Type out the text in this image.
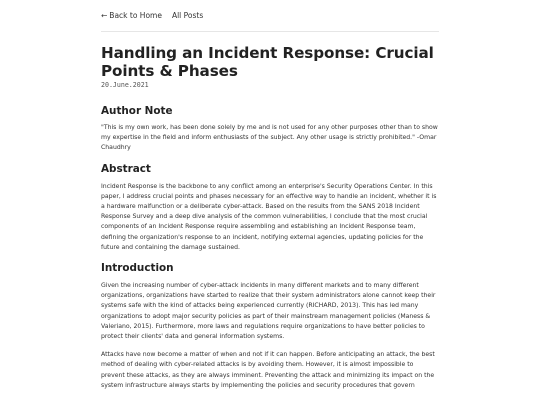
← Back to Home All Posts
Handling an Incident Response: Crucial Points & Phases
20.June.2021
Author Note

"This is my own work, has been done solely by me and is not used for any other purposes other than to show my expertise in the field and inform enthusiasts of the subject. Any other usage is strictly prohibited." -Omar Chaudhry

Abstract

Incident Response is the backbone to any conflict among an enterprise's Security Operations Center. In this paper, I address crucial points and phases necessary for an effective way to handle an incident, whether it is a hardware malfunction or a deliberate cyber-attack. Based on the results from the SANS 2018 Incident Response Survey and a deep dive analysis of the common vulnerabilities, I conclude that the most crucial components of an Incident Response require assembling and establishing an Incident Response team, defining the organization's response to an incident, notifying external agencies, updating policies for the future and containing the damage sustained.

Introduction

Given the increasing number of cyber-attack incidents in many different markets and to many different organizations, organizations have started to realize that their system administrators alone cannot keep their systems safe with the kind of attacks being experienced currently (RICHARD, 2013). This has led many organizations to adopt major security policies as part of their mainstream management policies (Maness & Valeriano, 2015). Furthermore, more laws and regulations require organizations to have better policies to protect their clients' data and general information systems.

Attacks have now become a matter of when and not if it can happen. Before anticipating an attack, the best method of dealing with cyber-related attacks is by avoiding them. However, it is almost impossible to prevent these attacks, as they are always imminent. Preventing the attack and minimizing its impact on the system infrastructure always starts by implementing the policies and security procedures that govern
